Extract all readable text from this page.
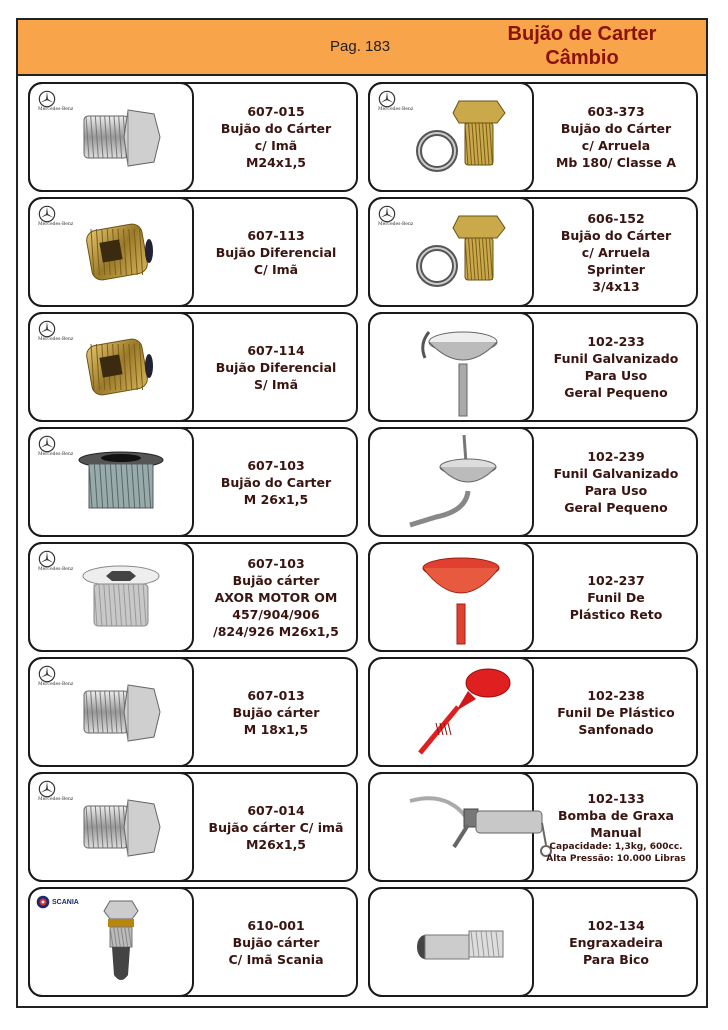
Pag. 183
Bujão de Carter
Câmbio
Mercedes-Benz	607-015
Bujão do Cárter
c/ Imã
M24x1,5
Mercedes-Benz
607-113
Bujão Diferencial
C/ Imã
Mercedes-Benz
607-114
Bujão Diferencial
S/ Imã
Mercedes-Benz
607-103
Bujão do Carter
M 26x1,5
Mercedes-Benz	607-103
Bujão cárter
AXOR MOTOR OM
457/904/906
/824/926 M26x1,5
Mercedes-Benz
607-013
Bujão cárter
M 18x1,5
Mercedes-Benz
607-014
Bujão cárter C/ imã
M26x1,5
SCANIA
610-001
Bujão cárter
C/ Imã Scania
Mercedes-Benz	603-373
Bujão do Cárter
c/ Arruela
Mb 180/ Classe A
Mercedes-Benz	606-152
Bujão do Cárter
c/ Arruela
Sprinter
3/4x13
102-233
Funil Galvanizado
Para Uso
Geral Pequeno
102-239
Funil Galvanizado
Para Uso
Geral Pequeno
102-237
Funil De
Plástico Reto
102-238
Funil De Plástico
Sanfonado
102-133
Bomba de Graxa
Manual
Capacidade: 1,3kg, 600cc.
Alta Pressão: 10.000 Libras
102-134
Engraxadeira
Para Bico
